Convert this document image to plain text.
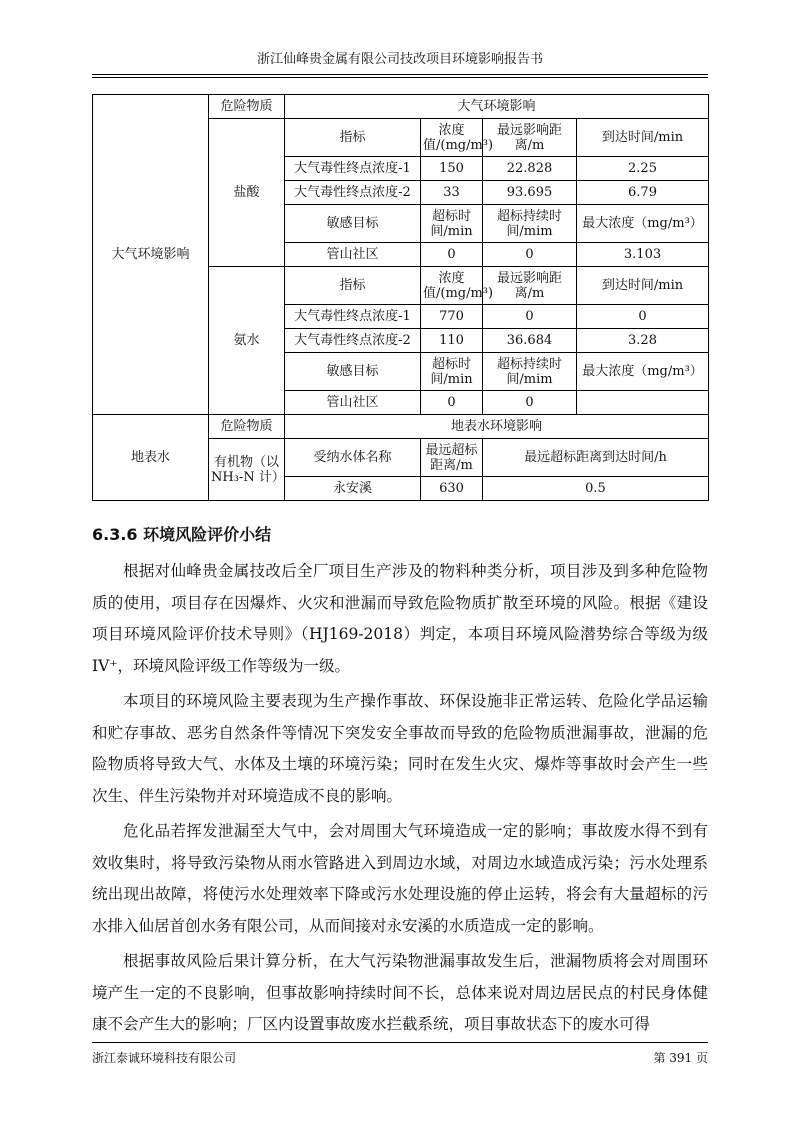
浙江仙峰贵金属有限公司技改项目环境影响报告书
大气环境影响	危险物质	大气环境影响			
	盐酸	指标	浓度值/(mg/m³)	最远影响距离/m	到达时间/min
		大气毒性终点浓度-1	150	22.828	2.25
		大气毒性终点浓度-2	33	93.695	6.79
		敏感目标	超标时间/min	超标持续时间/mim	最大浓度（mg/m³）
		管山社区	0	0	3.103

	氨水	指标	浓度值/(mg/m³)	最远影响距离/m	到达时间/min
		大气毒性终点浓度-1	770	0	0
		大气毒性终点浓度-2	110	36.684	3.28
		敏感目标	超标时间/min	超标持续时间/mim	最大浓度（mg/m³）
		管山社区	0	0	

地表水	危险物质	地表水环境影响			
	有机物（以NH₃-N 计）	受纳水体名称	最远超标距离/m	最远超标距离到达时间/h	
		永安溪	630	0.5	
6.3.6 环境风险评价小结

根据对仙峰贵金属技改后全厂项目生产涉及的物料种类分析，项目涉及到多种危险物质的使用，项目存在因爆炸、火灾和泄漏而导致危险物质扩散至环境的风险。根据《建设项目环境风险评价技术导则》（HJ169-2018）判定，本项目环境风险潜势综合等级为级 IV⁺，环境风险评级工作等级为一级。

本项目的环境风险主要表现为生产操作事故、环保设施非正常运转、危险化学品运输和贮存事故、恶劣自然条件等情况下突发安全事故而导致的危险物质泄漏事故，泄漏的危险物质将导致大气、水体及土壤的环境污染；同时在发生火灾、爆炸等事故时会产生一些次生、伴生污染物并对环境造成不良的影响。

危化品若挥发泄漏至大气中，会对周围大气环境造成一定的影响；事故废水得不到有效收集时，将导致污染物从雨水管路进入到周边水域，对周边水域造成污染；污水处理系统出现出故障，将使污水处理效率下降或污水处理设施的停止运转，将会有大量超标的污水排入仙居首创水务有限公司，从而间接对永安溪的水质造成一定的影响。

根据事故风险后果计算分析，在大气污染物泄漏事故发生后，泄漏物质将会对周围环境产生一定的不良影响，但事故影响持续时间不长，总体来说对周边居民点的村民身体健康不会产生大的影响；厂区内设置事故废水拦截系统，项目事故状态下的废水可得

浙江泰诚环境科技有限公司	第 391 页
